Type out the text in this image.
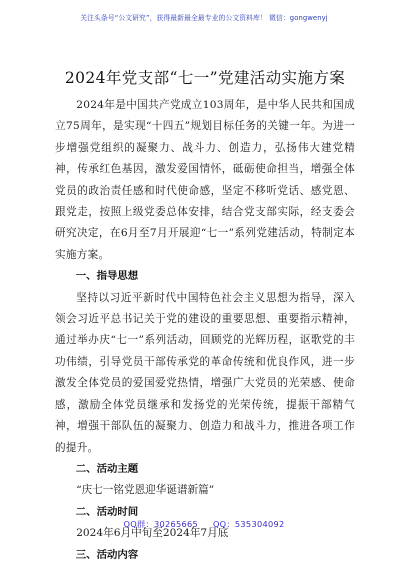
关注头条号“公文研究”，获得最新最全最专业的公文资料库！ 微信：gongwenyj
2024年党支部“七一”党建活动实施方案

2024年是中国共产党成立103周年，是中华人民共和国成立75周年，是实现“十四五”规划目标任务的关键一年。为进一步增强党组织的凝聚力、战斗力、创造力，弘扬伟大建党精神，传承红色基因，激发爱国情怀，砥砺使命担当，增强全体党员的政治责任感和时代使命感，坚定不移听党话、感党恩、跟党走，按照上级党委总体安排，结合党支部实际，经支委会研究决定，在6月至7月开展迎“七一”系列党建活动，特制定本实施方案。

一、指导思想

坚持以习近平新时代中国特色社会主义思想为指导，深入领会习近平总书记关于党的建设的重要思想、重要指示精神，通过举办庆“七一”系列活动，回顾党的光辉历程，讴歌党的丰功伟绩，引导党员干部传承党的革命传统和优良作风，进一步激发全体党员的爱国爱党热情，增强广大党员的光荣感、使命感，激励全体党员继承和发扬党的光荣传统，提振干部精气神，增强干部队伍的凝聚力、创造力和战斗力，推进各项工作的提升。

二、活动主题

“庆七一铭党恩迎华诞谱新篇”

二、活动时间

2024年6月中旬至2024年7月底

三、活动内容

QQ群：30265665 QQ：535304092
